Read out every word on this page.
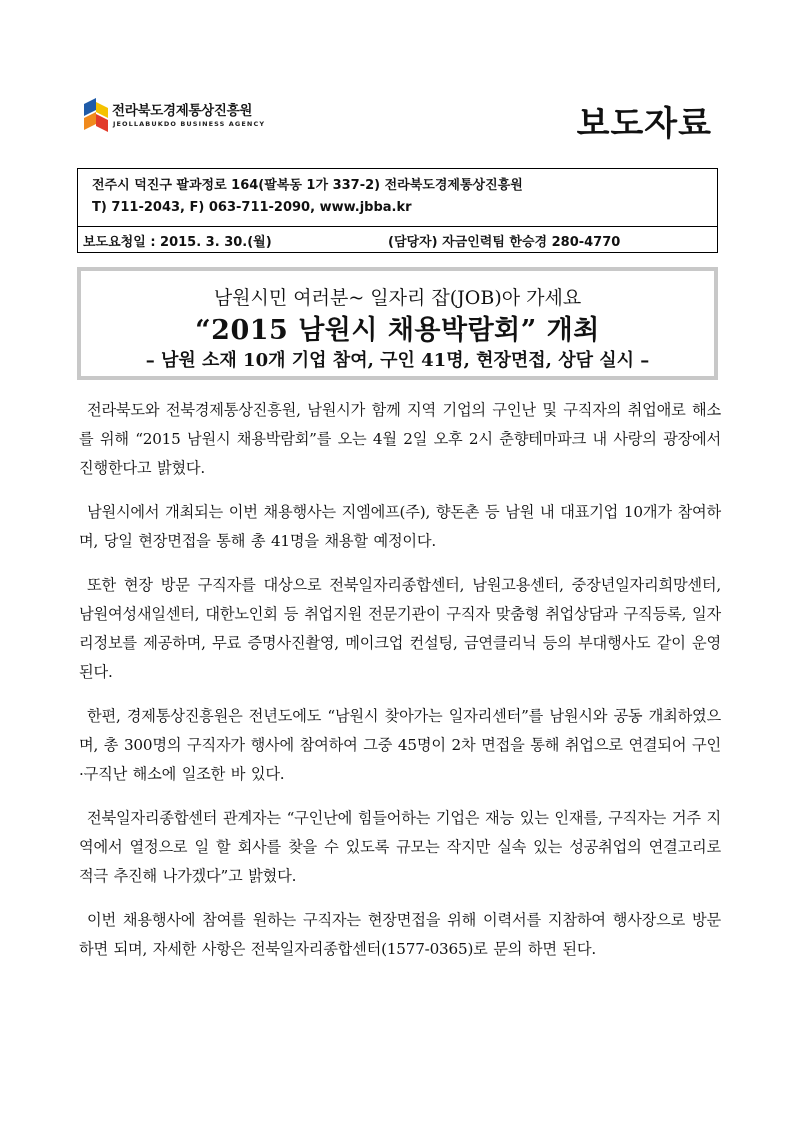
전라북도경제통상진흥원
JEOLLABUKDO BUSINESS AGENCY	보도자료
전주시 덕진구 팔과정로 164(팔복동 1가 337-2) 전라북도경제통상진흥원
T) 711-2043, F) 063-711-2090, www.jbba.kr
보도요청일 : 2015. 3. 30.(월)	(담당자) 자금인력팀 한승경 280-4770
남원시민 여러분~ 일자리 잡(JOB)아 가세요
“2015 남원시 채용박람회” 개최
– 남원 소재 10개 기업 참여, 구인 41명, 현장면접, 상담 실시 –

전라북도와 전북경제통상진흥원, 남원시가 함께 지역 기업의 구인난 및 구직자의 취업애로 해소를 위해 “2015 남원시 채용박람회”를 오는 4월 2일 오후 2시 춘향테마파크 내 사랑의 광장에서 진행한다고 밝혔다.

남원시에서 개최되는 이번 채용행사는 지엠에프(주), 향돈촌 등 남원 내 대표기업 10개가 참여하며, 당일 현장면접을 통해 총 41명을 채용할 예정이다.

또한 현장 방문 구직자를 대상으로 전북일자리종합센터, 남원고용센터, 중장년일자리희망센터, 남원여성새일센터, 대한노인회 등 취업지원 전문기관이 구직자 맞춤형 취업상담과 구직등록, 일자리정보를 제공하며, 무료 증명사진촬영, 메이크업 컨설팅, 금연클리닉 등의 부대행사도 같이 운영된다.

한편, 경제통상진흥원은 전년도에도 “남원시 찾아가는 일자리센터”를 남원시와 공동 개최하였으며, 총 300명의 구직자가 행사에 참여하여 그중 45명이 2차 면접을 통해 취업으로 연결되어 구인·구직난 해소에 일조한 바 있다.

전북일자리종합센터 관계자는 “구인난에 힘들어하는 기업은 재능 있는 인재를, 구직자는 거주 지역에서 열정으로 일 할 회사를 찾을 수 있도록 규모는 작지만 실속 있는 성공취업의 연결고리로 적극 추진해 나가겠다”고 밝혔다.

이번 채용행사에 참여를 원하는 구직자는 현장면접을 위해 이력서를 지참하여 행사장으로 방문하면 되며, 자세한 사항은 전북일자리종합센터(1577-0365)로 문의 하면 된다.
